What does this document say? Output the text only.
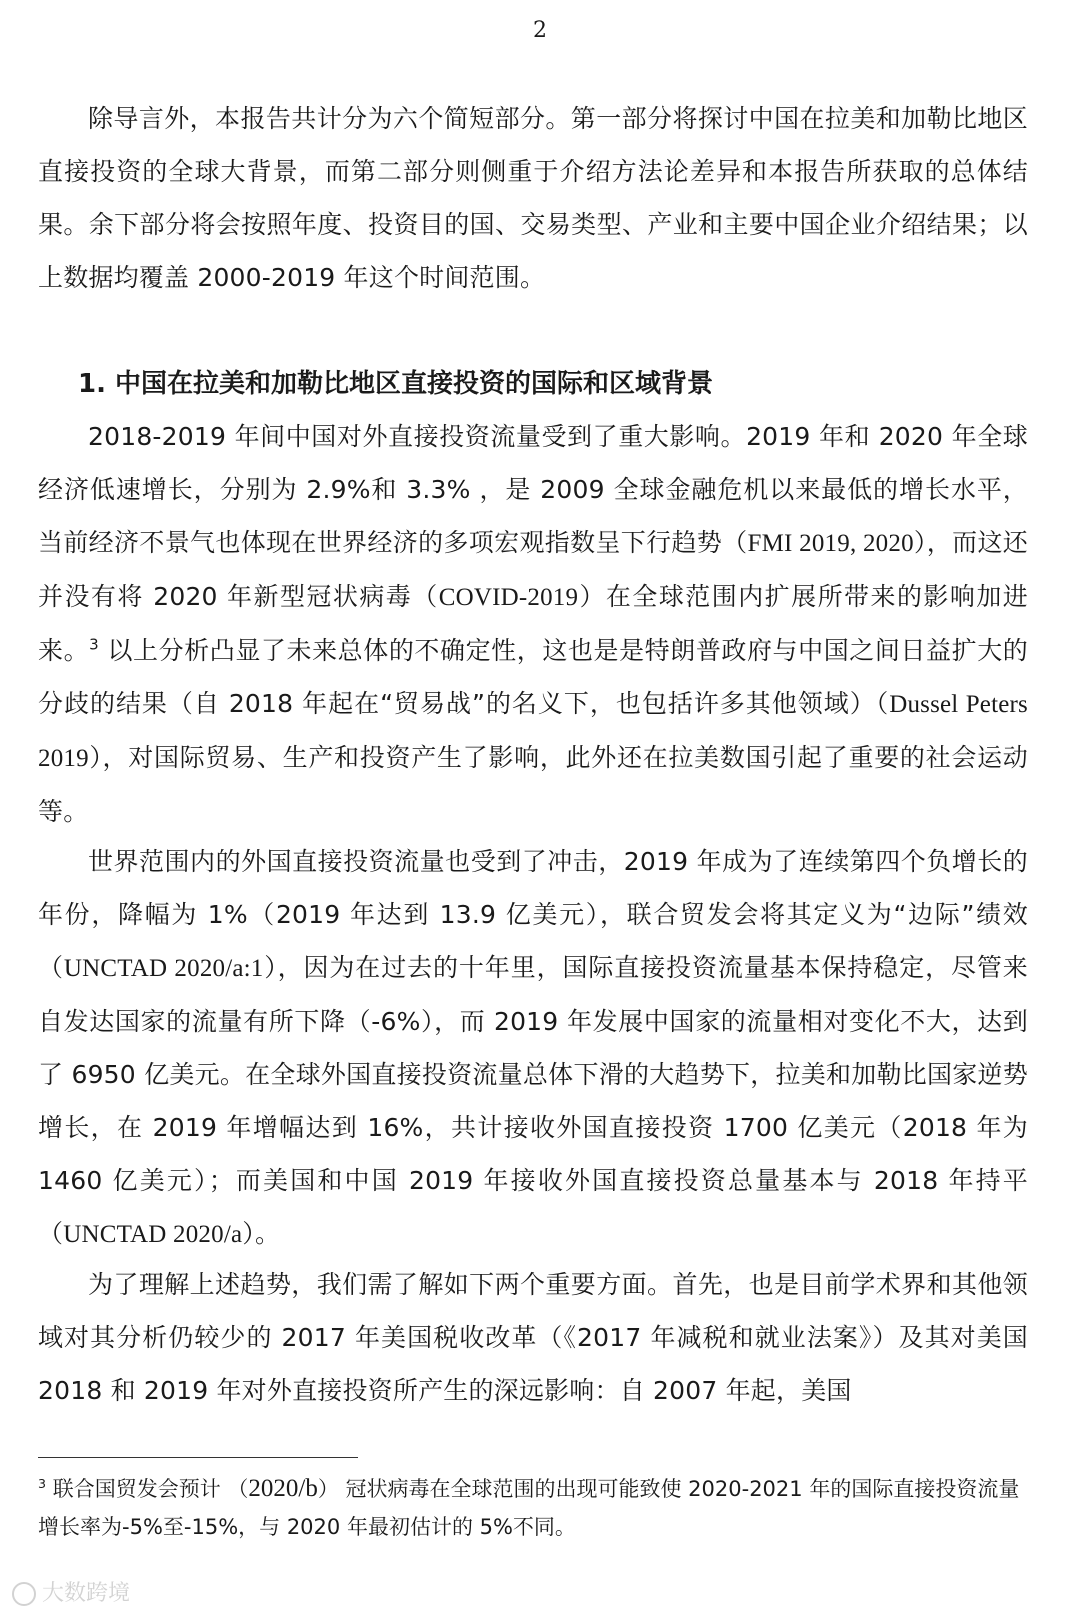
2

除导言外，本报告共计分为六个简短部分。第一部分将探讨中国在拉美和加勒比地区直接投资的全球大背景，而第二部分则侧重于介绍方法论差异和本报告所获取的总体结果。余下部分将会按照年度、投资目的国、交易类型、产业和主要中国企业介绍结果；以上数据均覆盖 2000-2019 年这个时间范围。

1. 中国在拉美和加勒比地区直接投资的国际和区域背景

2018-2019 年间中国对外直接投资流量受到了重大影响。2019 年和 2020 年全球经济低速增长，分别为 2.9%和 3.3% ，是 2009 全球金融危机以来最低的增长水平， 当前经济不景气也体现在世界经济的多项宏观指数呈下行趋势（FMI 2019, 2020），而这还并没有将 2020 年新型冠状病毒（COVID-2019）在全球范围内扩展所带来的影响加进来。$^3$ 以上分析凸显了未来总体的不确定性，这也是是特朗普政府与中国之间日益扩大的分歧的结果（自 2018 年起在“贸易战”的名义下，也包括许多其他领域）（Dussel Peters 2019），对国际贸易、生产和投资产生了影响，此外还在拉美数国引起了重要的社会运动等。

世界范围内的外国直接投资流量也受到了冲击，2019 年成为了连续第四个负增长的年份，降幅为 1%（2019 年达到 13.9 亿美元），联合贸发会将其定义为“边际”绩效（UNCTAD 2020/a:1），因为在过去的十年里，国际直接投资流量基本保持稳定，尽管来自发达国家的流量有所下降（-6%），而 2019 年发展中国家的流量相对变化不大，达到了 6950 亿美元。在全球外国直接投资流量总体下滑的大趋势下，拉美和加勒比国家逆势增长，在 2019 年增幅达到 16%，共计接收外国直接投资 1700 亿美元（2018 年为 1460 亿美元）；而美国和中国 2019 年接收外国直接投资总量基本与 2018 年持平（UNCTAD 2020/a）。

为了理解上述趋势，我们需了解如下两个重要方面。首先，也是目前学术界和其他领域对其分析仍较少的 2017 年美国税收改革（《2017 年减税和就业法案》）及其对美国 2018 和 2019 年对外直接投资所产生的深远影响：自 2007 年起，美国

$^3$ 联合国贸发会预计 （2020/b） 冠状病毒在全球范围的出现可能致使 2020-2021 年的国际直接投资流量增长率为-5%至-15%，与 2020 年最初估计的 5%不同。
大数跨境
